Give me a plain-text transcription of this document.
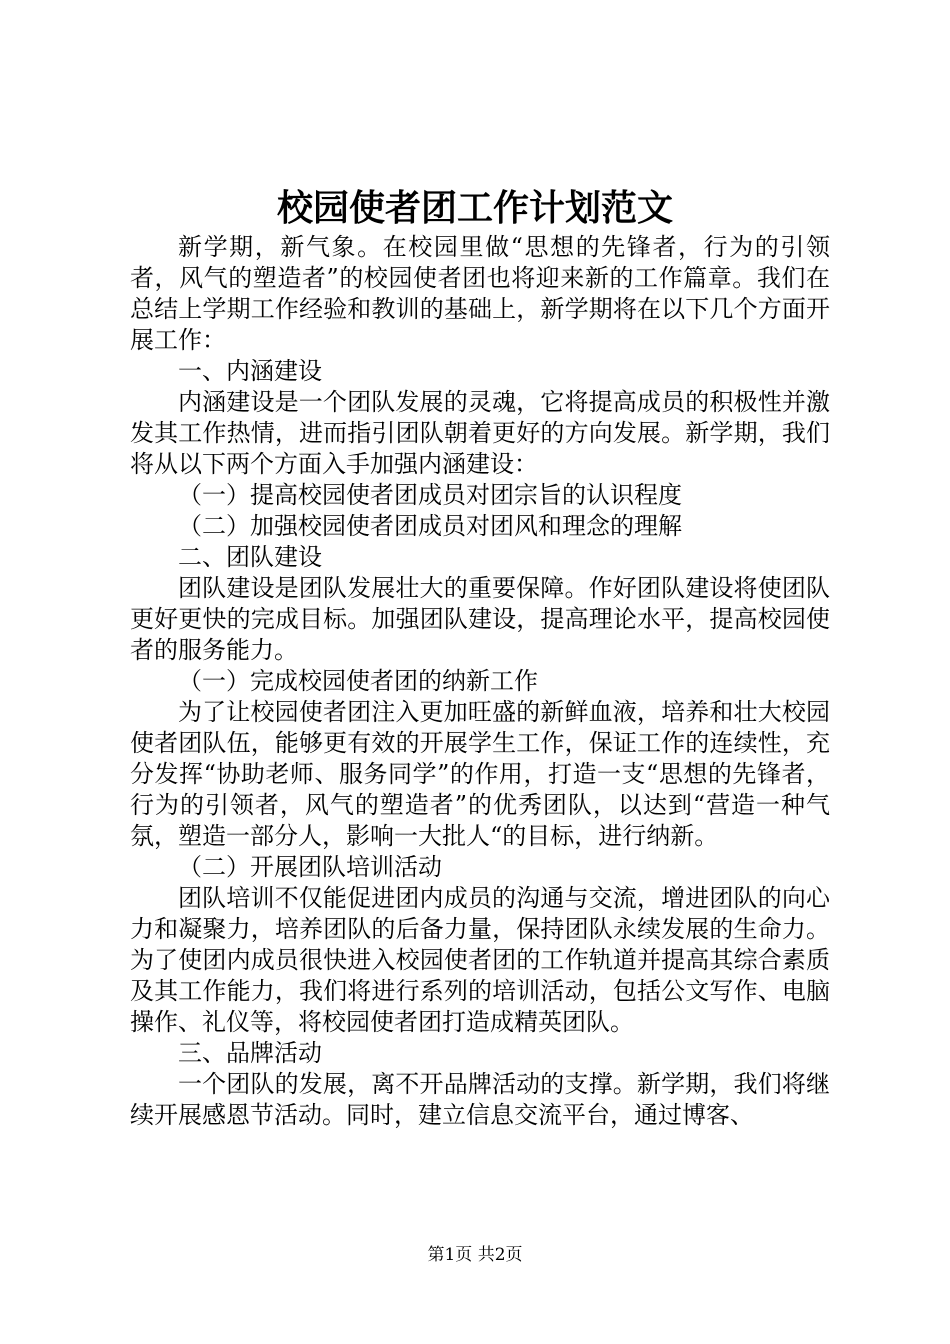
校园使者团工作计划范文

新学期，新气象。在校园里做“思想的先锋者，行为的引领者，风气的塑造者”的校园使者团也将迎来新的工作篇章。我们在总结上学期工作经验和教训的基础上，新学期将在以下几个方面开展工作：

一、内涵建设

内涵建设是一个团队发展的灵魂，它将提高成员的积极性并激发其工作热情，进而指引团队朝着更好的方向发展。新学期，我们将从以下两个方面入手加强内涵建设：

（一）提高校园使者团成员对团宗旨的认识程度

（二）加强校园使者团成员对团风和理念的理解

二、团队建设

团队建设是团队发展壮大的重要保障。作好团队建设将使团队更好更快的完成目标。加强团队建设，提高理论水平，提高校园使者的服务能力。

（一）完成校园使者团的纳新工作

为了让校园使者团注入更加旺盛的新鲜血液，培养和壮大校园使者团队伍，能够更有效的开展学生工作，保证工作的连续性，充分发挥“协助老师、服务同学”的作用，打造一支“思想的先锋者，行为的引领者，风气的塑造者”的优秀团队，以达到“营造一种气氛，塑造一部分人，影响一大批人“的目标，进行纳新。

（二）开展团队培训活动

团队培训不仅能促进团内成员的沟通与交流，增进团队的向心力和凝聚力，培养团队的后备力量，保持团队永续发展的生命力。为了使团内成员很快进入校园使者团的工作轨道并提高其综合素质及其工作能力，我们将进行系列的培训活动，包括公文写作、电脑操作、礼仪等，将校园使者团打造成精英团队。

三、品牌活动

一个团队的发展，离不开品牌活动的支撑。新学期，我们将继续开展感恩节活动。同时，建立信息交流平台，通过博客、

第1页 共2页
